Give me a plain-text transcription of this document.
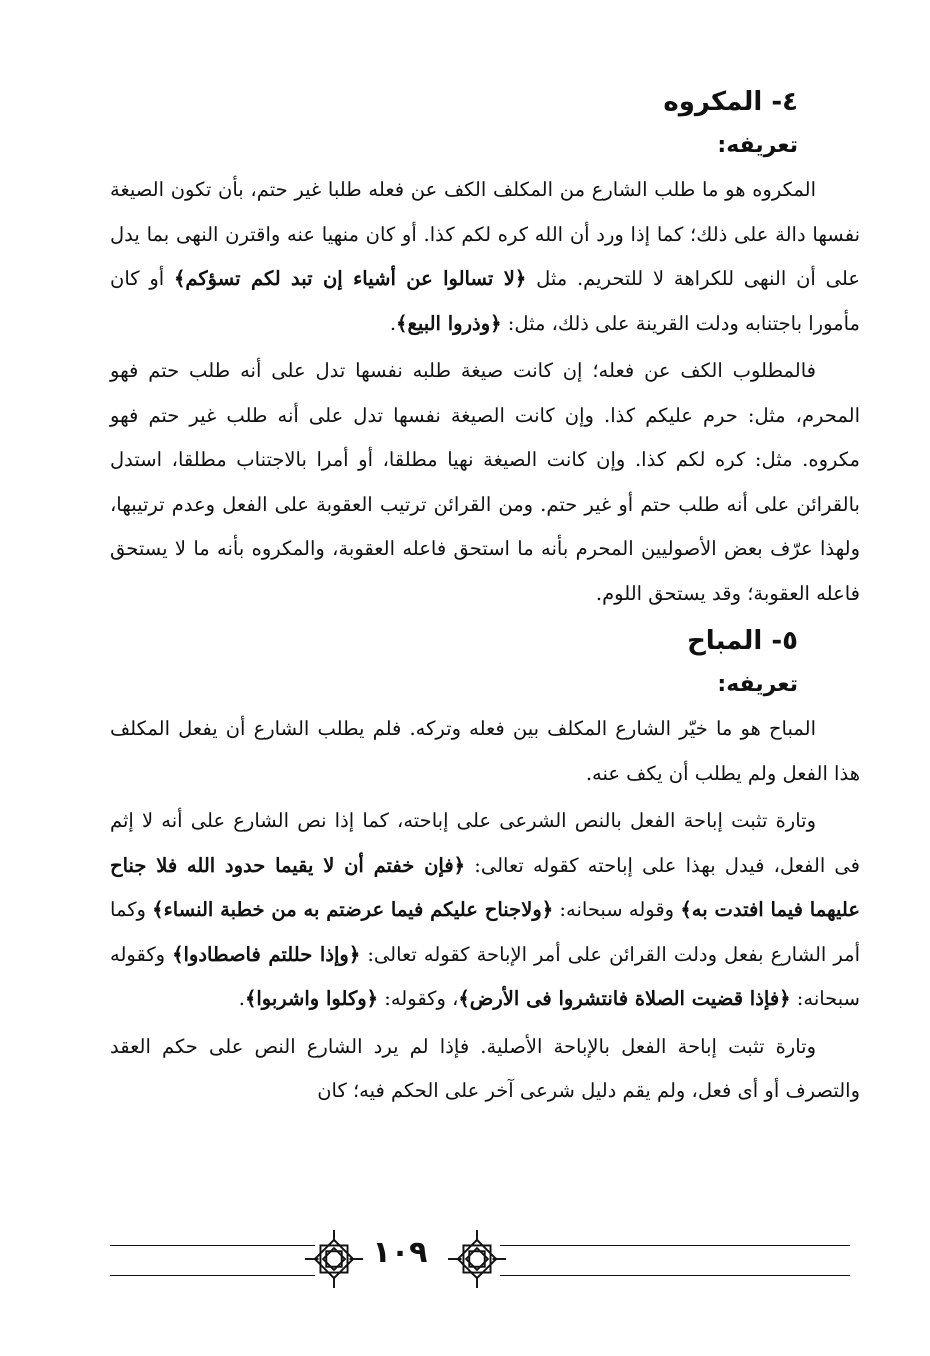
٤- المكروه
تعريفه:

المكروه هو ما طلب الشارع من المكلف الكف عن فعله طلبا غير حتم، بأن تكون الصيغة نفسها دالة على ذلك؛ كما إذا ورد أن الله كره لكم كذا. أو كان منهيا عنه واقترن النهى بما يدل على أن النهى للكراهة لا للتحريم. مثل ﴿لا تسالوا عن أشياء إن تبد لكم تسؤكم﴾ أو كان مأمورا باجتنابه ودلت القرينة على ذلك، مثل: ﴿وذروا البيع﴾.

فالمطلوب الكف عن فعله؛ إن كانت صيغة طلبه نفسها تدل على أنه طلب حتم فهو المحرم، مثل: حرم عليكم كذا. وإن كانت الصيغة نفسها تدل على أنه طلب غير حتم فهو مكروه. مثل: كره لكم كذا. وإن كانت الصيغة نهيا مطلقا، أو أمرا بالاجتناب مطلقا، استدل بالقرائن على أنه طلب حتم أو غير حتم. ومن القرائن ترتيب العقوبة على الفعل وعدم ترتيبها، ولهذا عرّف بعض الأصوليين المحرم بأنه ما استحق فاعله العقوبة، والمكروه بأنه ما لا يستحق فاعله العقوبة؛ وقد يستحق اللوم.

٥- المباح
تعريفه:

المباح هو ما خيّر الشارع المكلف بين فعله وتركه. فلم يطلب الشارع أن يفعل المكلف هذا الفعل ولم يطلب أن يكف عنه.

وتارة تثبت إباحة الفعل بالنص الشرعى على إباحته، كما إذا نص الشارع على أنه لا إثم فى الفعل، فيدل بهذا على إباحته كقوله تعالى: ﴿فإن خفتم أن لا يقيما حدود الله فلا جناح عليهما فيما افتدت به﴾ وقوله سبحانه: ﴿ولاجناح عليكم فيما عرضتم به من خطبة النساء﴾ وكما أمر الشارع بفعل ودلت القرائن على أمر الإباحة كقوله تعالى: ﴿وإذا حللتم فاصطادوا﴾ وكقوله سبحانه: ﴿فإذا قضيت الصلاة فانتشروا فى الأرض﴾، وكقوله: ﴿وكلوا واشربوا﴾.

وتارة تثبت إباحة الفعل بالإباحة الأصلية. فإذا لم يرد الشارع النص على حكم العقد والتصرف أو أى فعل، ولم يقم دليل شرعى آخر على الحكم فيه؛ كان

١٠٩
